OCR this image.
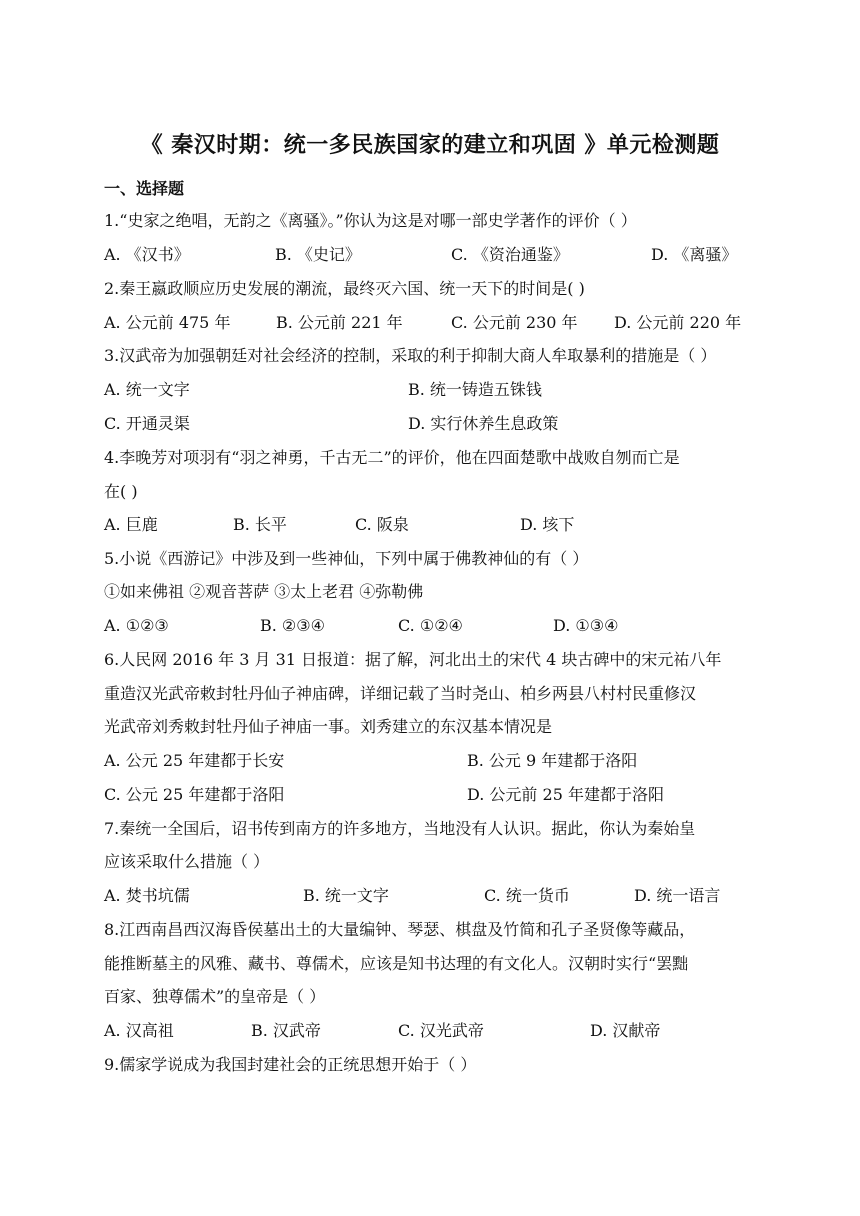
《 秦汉时期：统一多民族国家的建立和巩固 》单元检测题
一、选择题
1.“史家之绝唱，无韵之《离骚》。”你认为这是对哪一部史学著作的评价（ ）
A. 《汉书》	B. 《史记》	C. 《资治通鉴》	D. 《离骚》
2.秦王嬴政顺应历史发展的潮流，最终灭六国、统一天下的时间是( )
A. 公元前 475 年	B. 公元前 221 年	C. 公元前 230 年 D. 公元前 220 年
3.汉武帝为加强朝廷对社会经济的控制，采取的利于抑制大商人牟取暴利的措施是（ ）
A. 统一文字	B. 统一铸造五铢钱
C. 开通灵渠	D. 实行休养生息政策
4.李晚芳对项羽有“羽之神勇，千古无二”的评价，他在四面楚歌中战败自刎而亡是
在( )
A. 巨鹿	B. 长平	C. 阪泉	D. 垓下
5.小说《西游记》中涉及到一些神仙，下列中属于佛教神仙的有（ ）
①如来佛祖 ②观音菩萨 ③太上老君 ④弥勒佛
A. ①②③	B. ②③④	C. ①②④	D. ①③④
6.人民网 2016 年 3 月 31 日报道：据了解，河北出土的宋代 4 块古碑中的宋元祐八年
重造汉光武帝敕封牡丹仙子神庙碑，详细记载了当时尧山、柏乡两县八村村民重修汉
光武帝刘秀敕封牡丹仙子神庙一事。刘秀建立的东汉基本情况是
A. 公元 25 年建都于长安	B. 公元 9 年建都于洛阳
C. 公元 25 年建都于洛阳	D. 公元前 25 年建都于洛阳
7.秦统一全国后，诏书传到南方的许多地方，当地没有人认识。据此，你认为秦始皇
应该采取什么措施（ ）
A. 焚书坑儒	B. 统一文字	C. 统一货币	D. 统一语言
8.江西南昌西汉海昏侯墓出土的大量编钟、琴瑟、棋盘及竹简和孔子圣贤像等藏品，
能推断墓主的风雅、藏书、尊儒术，应该是知书达理的有文化人。汉朝时实行“罢黜
百家、独尊儒术”的皇帝是（ ）
A. 汉高祖	B. 汉武帝	C. 汉光武帝	D. 汉献帝
9.儒家学说成为我国封建社会的正统思想开始于（ ）
